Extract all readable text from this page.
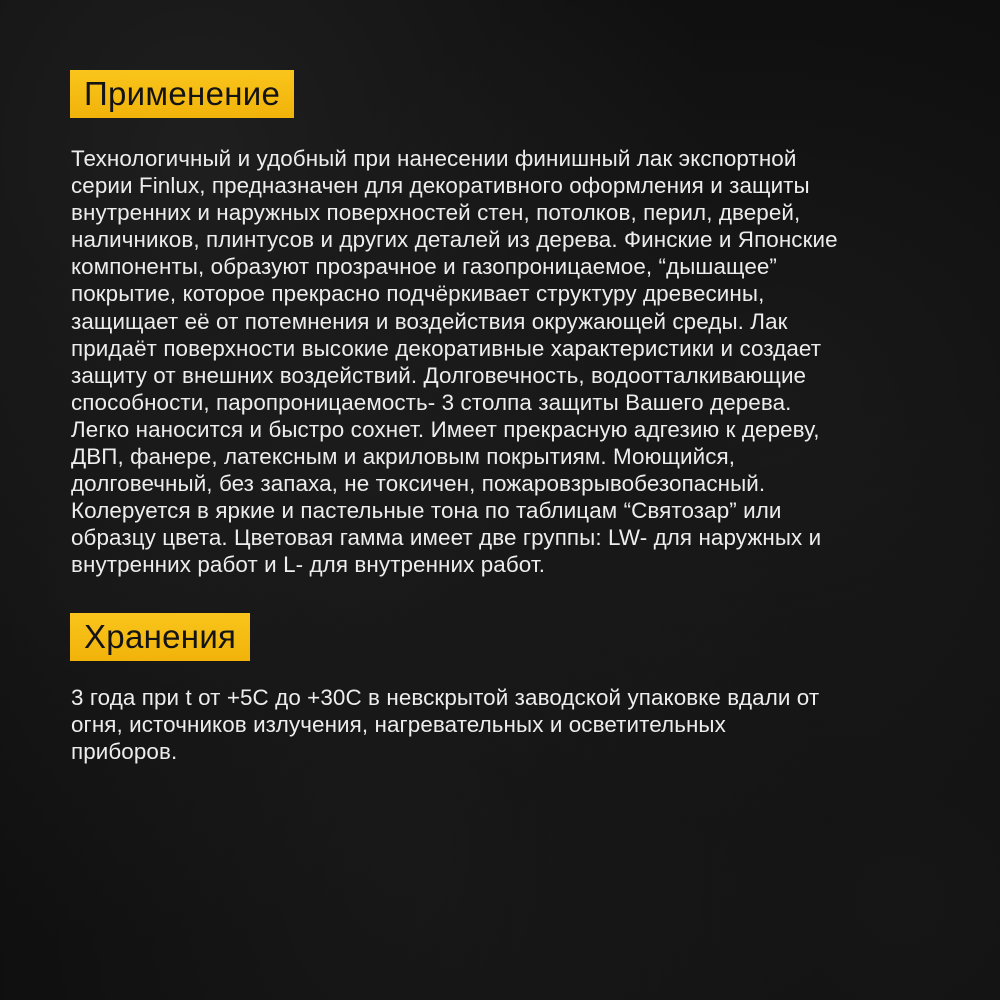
Применение

Технологичный и удобный при нанесении финишный лак экспортной
серии Finlux, предназначен для декоративного оформления и защиты
внутренних и наружных поверхностей стен, потолков, перил, дверей,
наличников, плинтусов и других деталей из дерева. Финские и Японские
компоненты, образуют прозрачное и газопроницаемое, “дышащее”
покрытие, которое прекрасно подчёркивает структуру древесины,
защищает её от потемнения и воздействия окружающей среды. Лак
придаёт поверхности высокие декоративные характеристики и создает
защиту от внешних воздействий. Долговечность, водоотталкивающие
способности, паропроницаемость- 3 столпа защиты Вашего дерева.
Легко наносится и быстро сохнет. Имеет прекрасную адгезию к дереву,
ДВП, фанере, латексным и акриловым покрытиям. Моющийся,
долговечный, без запаха, не токсичен, пожаровзрывобезопасный.
Колеруется в яркие и пастельные тона по таблицам “Святозар” или
образцу цвета. Цветовая гамма имеет две группы: LW- для наружных и
внутренних работ и L- для внутренних работ.

Хранения

3 года при t от +5С до +30С в невскрытой заводской упаковке вдали от
огня, источников излучения, нагревательных и осветительных
приборов.
